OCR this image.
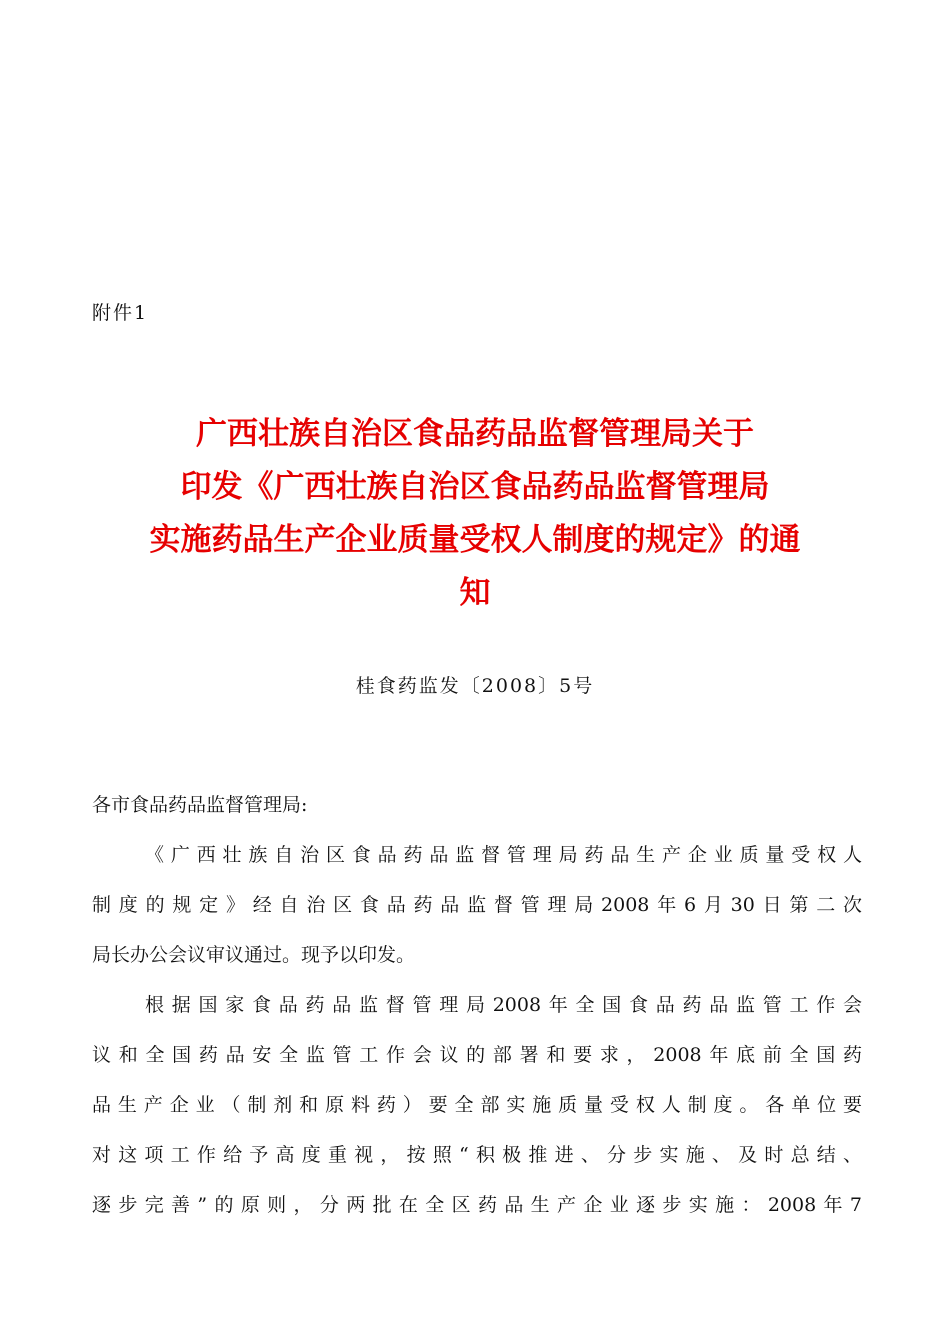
附件1
广西壮族自治区食品药品监督管理局关于
印发《广西壮族自治区食品药品监督管理局
实施药品生产企业质量受权人制度的规定》的通
知
桂食药监发〔2008〕5号
各市食品药品监督管理局:
《广西壮族自治区食品药品监督管理局药品生产企业质量受权人
制度的规定》经自治区食品药品监督管理局2008年6月30日第二次
局长办公会议审议通过。现予以印发。
根据国家食品药品监督管理局2008年全国食品药品监管工作会
议和全国药品安全监管工作会议的部署和要求，2008年底前全国药
品生产企业（制剂和原料药）要全部实施质量受权人制度。各单位要
对这项工作给予高度重视，按照“积极推进、分步实施、及时总结、
逐步完善”的原则，分两批在全区药品生产企业逐步实施：2008年7
